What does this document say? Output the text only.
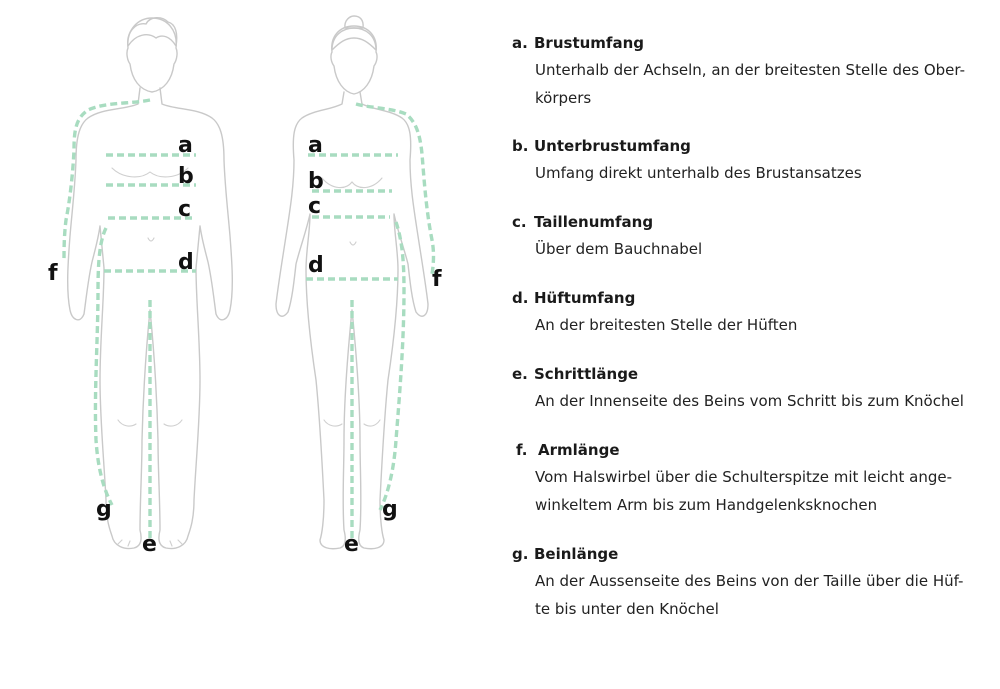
a
b
c
d
e
f
g
a
b
c
d
e
f
g
a. Brustumfang
Unterhalb der Achseln, an der breitesten Stelle des Ober-
körpers
b. Unterbrustumfang
Umfang direkt unterhalb des Brustansatzes
c. Taillenumfang
Über dem Bauchnabel
d. Hüftumfang
An der breitesten Stelle der Hüften
e. Schrittlänge
An der Innenseite des Beins vom Schritt bis zum Knöchel
f. Armlänge
Vom Halswirbel über die Schulterspitze mit leicht ange-
winkeltem Arm bis zum Handgelenksknochen
g. Beinlänge
An der Aussenseite des Beins von der Taille über die Hüf-
te bis unter den Knöchel
